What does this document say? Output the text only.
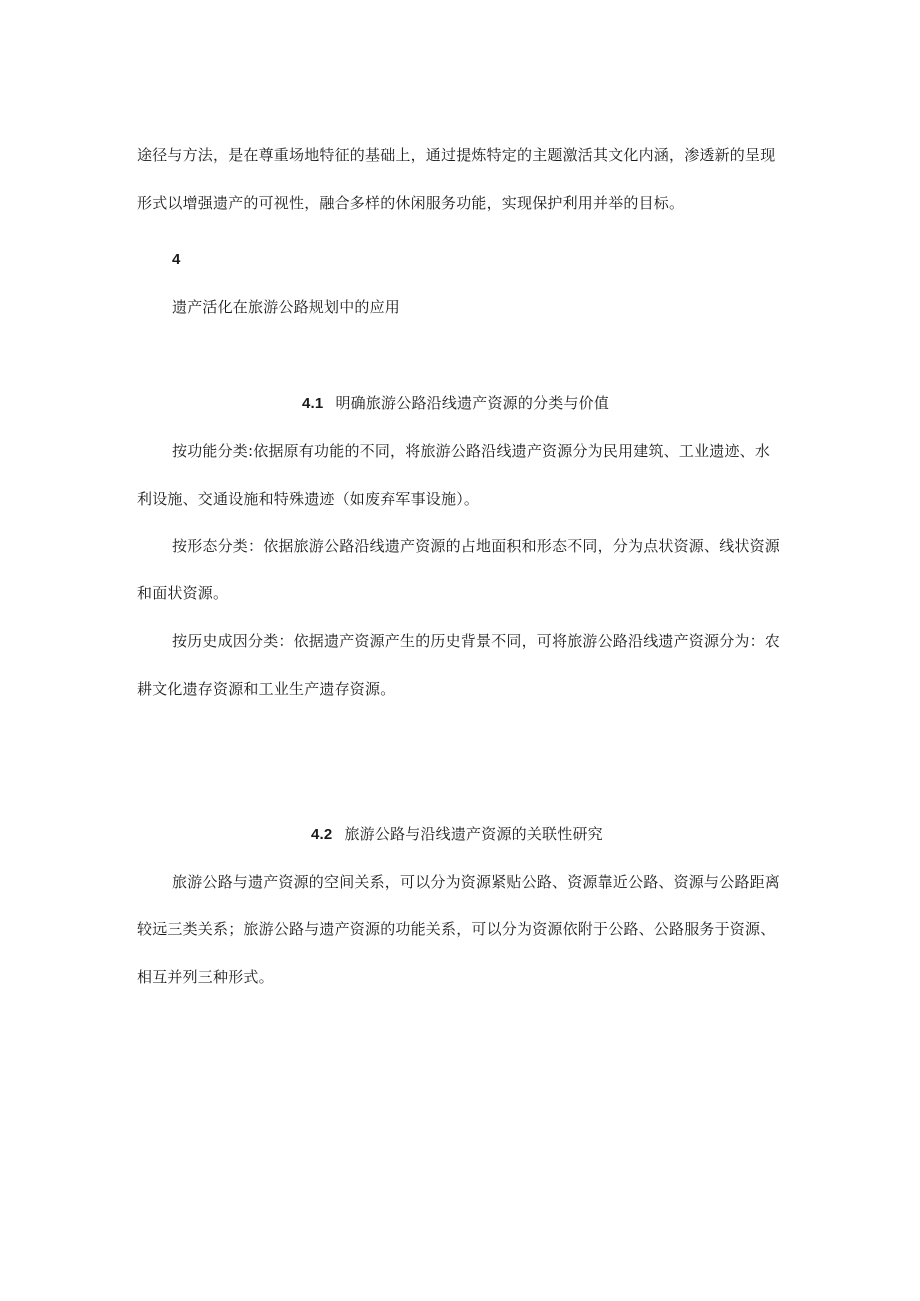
途径与方法，是在尊重场地特征的基础上，通过提炼特定的主题激活其文化内涵，渗透新的呈现
形式以增强遗产的可视性，融合多样的休闲服务功能，实现保护利用并举的目标。
4
遗产活化在旅游公路规划中的应用
4.1 明确旅游公路沿线遗产资源的分类与价值
按功能分类:依据原有功能的不同，将旅游公路沿线遗产资源分为民用建筑、工业遗迹、水
利设施、交通设施和特殊遗迹（如废弃军事设施）。
按形态分类：依据旅游公路沿线遗产资源的占地面积和形态不同，分为点状资源、线状资源
和面状资源。
按历史成因分类：依据遗产资源产生的历史背景不同，可将旅游公路沿线遗产资源分为：农
耕文化遗存资源和工业生产遗存资源。
4.2 旅游公路与沿线遗产资源的关联性研究
旅游公路与遗产资源的空间关系，可以分为资源紧贴公路、资源靠近公路、资源与公路距离
较远三类关系；旅游公路与遗产资源的功能关系，可以分为资源依附于公路、公路服务于资源、
相互并列三种形式。
